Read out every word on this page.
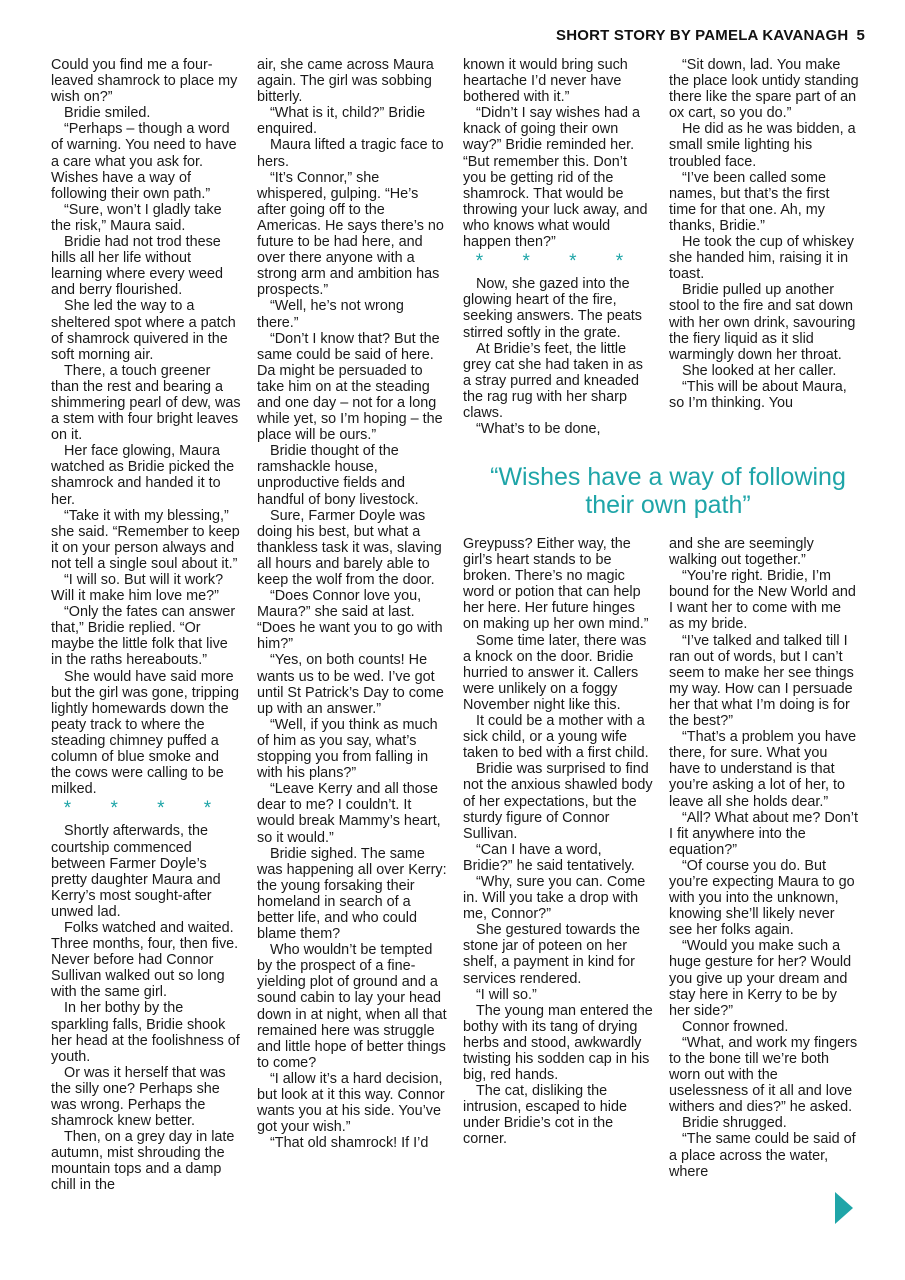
SHORT STORY BY PAMELA KAVANAGH 5

Could you find me a four-leaved shamrock to place my wish on?”

Bridie smiled.

“Perhaps – though a word of warning. You need to have a care what you ask for. Wishes have a way of following their own path.”

“Sure, won’t I gladly take the risk,” Maura said.

Bridie had not trod these hills all her life without learning where every weed and berry flourished.

She led the way to a sheltered spot where a patch of shamrock quivered in the soft morning air.

There, a touch greener than the rest and bearing a shimmering pearl of dew, was a stem with four bright leaves on it.

Her face glowing, Maura watched as Bridie picked the shamrock and handed it to her.

“Take it with my blessing,” she said. “Remember to keep it on your person always and not tell a single soul about it.”

“I will so. But will it work? Will it make him love me?”

“Only the fates can answer that,” Bridie replied. “Or maybe the little folk that live in the raths hereabouts.”

She would have said more but the girl was gone, tripping lightly homewards down the peaty track to where the steading chimney puffed a column of blue smoke and the cows were calling to be milked.

* * * *

Shortly afterwards, the courtship commenced between Farmer Doyle’s pretty daughter Maura and Kerry’s most sought-after unwed lad.

Folks watched and waited. Three months, four, then five. Never before had Connor Sullivan walked out so long with the same girl.

In her bothy by the sparkling falls, Bridie shook her head at the foolishness of youth.

Or was it herself that was the silly one? Perhaps she was wrong. Perhaps the shamrock knew better.

Then, on a grey day in late autumn, mist shrouding the mountain tops and a damp chill in the

air, she came across Maura again. The girl was sobbing bitterly.

“What is it, child?” Bridie enquired.

Maura lifted a tragic face to hers.

“It’s Connor,” she whispered, gulping. “He’s after going off to the Americas. He says there’s no future to be had here, and over there anyone with a strong arm and ambition has prospects.”

“Well, he’s not wrong there.”

“Don’t I know that? But the same could be said of here. Da might be persuaded to take him on at the steading and one day – not for a long while yet, so I’m hoping – the place will be ours.”

Bridie thought of the ramshackle house, unproductive fields and handful of bony livestock.

Sure, Farmer Doyle was doing his best, but what a thankless task it was, slaving all hours and barely able to keep the wolf from the door.

“Does Connor love you, Maura?” she said at last. “Does he want you to go with him?”

“Yes, on both counts! He wants us to be wed. I’ve got until St Patrick’s Day to come up with an answer.”

“Well, if you think as much of him as you say, what’s stopping you from falling in with his plans?”

“Leave Kerry and all those dear to me? I couldn’t. It would break Mammy’s heart, so it would.”

Bridie sighed. The same was happening all over Kerry: the young forsaking their homeland in search of a better life, and who could blame them?

Who wouldn’t be tempted by the prospect of a fine-yielding plot of ground and a sound cabin to lay your head down in at night, when all that remained here was struggle and little hope of better things to come?

“I allow it’s a hard decision, but look at it this way. Connor wants you at his side. You’ve got your wish.”

“That old shamrock! If I’d

known it would bring such heartache I’d never have bothered with it.”

“Didn’t I say wishes had a knack of going their own way?” Bridie reminded her. “But remember this. Don’t you be getting rid of the shamrock. That would be throwing your luck away, and who knows what would happen then?”

* * * *

Now, she gazed into the glowing heart of the fire, seeking answers. The peats stirred softly in the grate.

At Bridie’s feet, the little grey cat she had taken in as a stray purred and kneaded the rag rug with her sharp claws.

“What’s to be done,

“Sit down, lad. You make the place look untidy standing there like the spare part of an ox cart, so you do.”

He did as he was bidden, a small smile lighting his troubled face.

“I’ve been called some names, but that’s the first time for that one. Ah, my thanks, Bridie.”

He took the cup of whiskey she handed him, raising it in toast.

Bridie pulled up another stool to the fire and sat down with her own drink, savouring the fiery liquid as it slid warmingly down her throat.

She looked at her caller.

“This will be about Maura, so I’m thinking. You

“Wishes have a way of following their own path”

Greypuss? Either way, the girl’s heart stands to be broken. There’s no magic word or potion that can help her here. Her future hinges on making up her own mind.”

Some time later, there was a knock on the door. Bridie hurried to answer it. Callers were unlikely on a foggy November night like this.

It could be a mother with a sick child, or a young wife taken to bed with a first child.

Bridie was surprised to find not the anxious shawled body of her expectations, but the sturdy figure of Connor Sullivan.

“Can I have a word, Bridie?” he said tentatively.

“Why, sure you can. Come in. Will you take a drop with me, Connor?”

She gestured towards the stone jar of poteen on her shelf, a payment in kind for services rendered.

“I will so.”

The young man entered the bothy with its tang of drying herbs and stood, awkwardly twisting his sodden cap in his big, red hands.

The cat, disliking the intrusion, escaped to hide under Bridie’s cot in the corner.

and she are seemingly walking out together.”

“You’re right. Bridie, I’m bound for the New World and I want her to come with me as my bride.

“I’ve talked and talked till I ran out of words, but I can’t seem to make her see things my way. How can I persuade her that what I’m doing is for the best?”

“That’s a problem you have there, for sure. What you have to understand is that you’re asking a lot of her, to leave all she holds dear.”

“All? What about me? Don’t I fit anywhere into the equation?”

“Of course you do. But you’re expecting Maura to go with you into the unknown, knowing she’ll likely never see her folks again.

“Would you make such a huge gesture for her? Would you give up your dream and stay here in Kerry to be by her side?”

Connor frowned.

“What, and work my fingers to the bone till we’re both worn out with the uselessness of it all and love withers and dies?” he asked.

Bridie shrugged.

“The same could be said of a place across the water, where
